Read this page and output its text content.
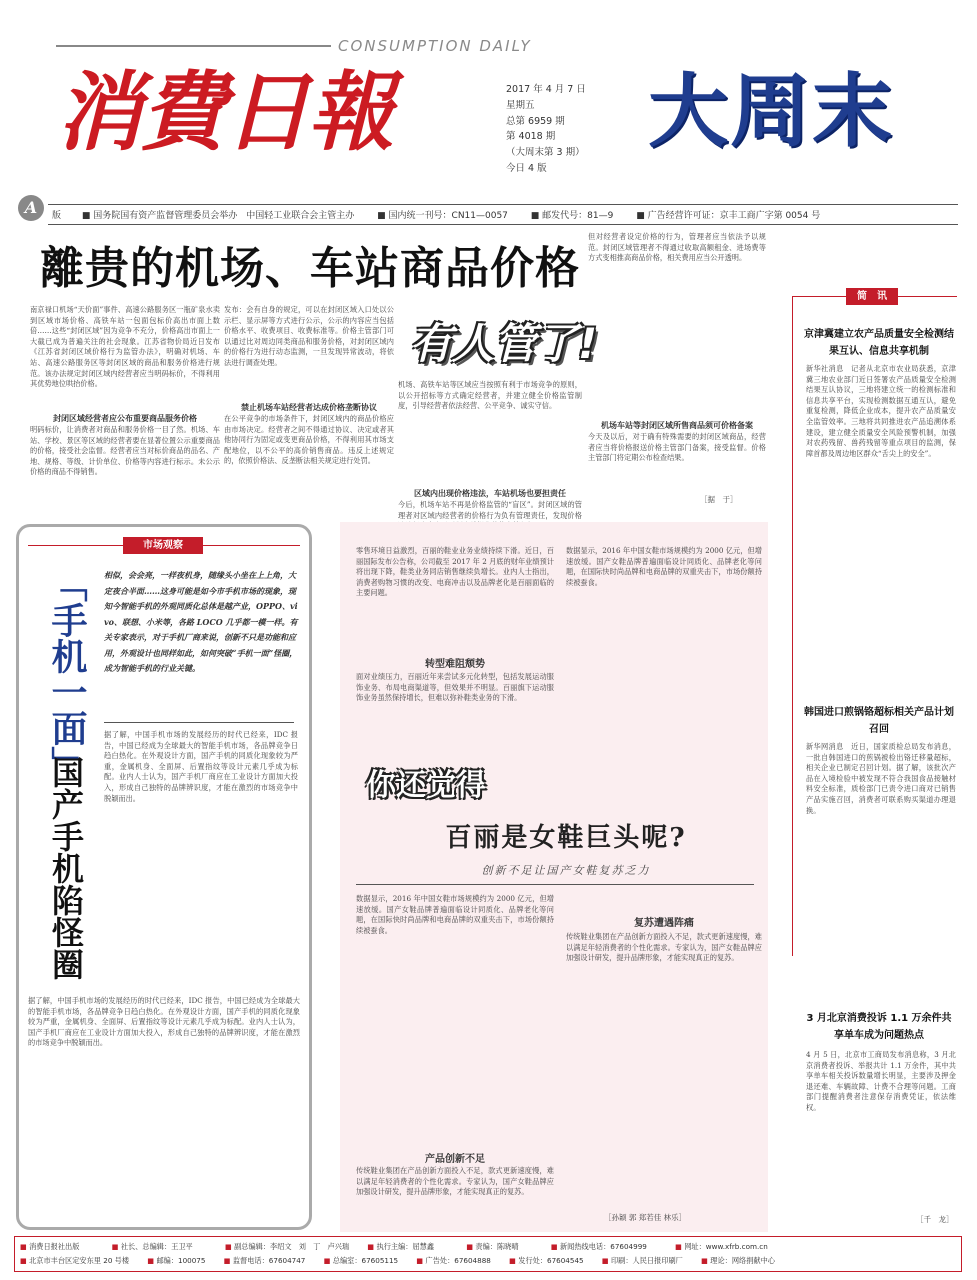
CONSUMPTION DAILY
消費日報	2017 年 4 月 7 日
星期五
总第 6959 期
第 4018 期
（大周末第 3 期）
今日 4 版
大周末
A	版 ■ 国务院国有资产监督管理委员会举办　中国轻工业联合会主管主办	■ 国内统一刊号：CN11—0057	■ 邮发代号：81—9	■ 广告经营许可证：京丰工商广字第 0054 号
離贵的机场、车站商品价格
有人管了!
南京禄口机场“天价面”事件、高速公路服务区一瓶矿泉水卖到区域市场价格、高铁车站一包面包标价高出市面上数倍……这些“封闭区域”因为竞争不充分，价格高出市面上一大截已成为普遍关注的社会现象。江苏省物价局近日发布《江苏省封闭区域价格行为监管办法》，明确对机场、车站、高速公路服务区等封闭区域的商品和服务价格进行规范。该办法规定封闭区域内经营者应当明码标价，不得利用其优势地位哄抬价格。
封闭区域经营者应公布重要商品服务价格
明码标价，让消费者对商品和服务价格一目了然。机场、车站、学校、景区等区域的经营者要在显著位置公示重要商品的价格，接受社会监督。经营者应当对标价商品的品名、产地、规格、等级、计价单位、价格等内容进行标示。未公示价格的商品不得销售。
发布：会有自身的规定，可以在封闭区域入口处以公示栏、显示屏等方式进行公示，公示的内容应当包括价格水平、收费项目、收费标准等。价格主管部门可以通过比对周边同类商品和服务价格，对封闭区域内的价格行为进行动态监测，一旦发现异常波动，将依法进行调查处理。
禁止机场车站经营者达成价格垄断协议
在公平竞争的市场条件下，封闭区域内的商品价格应由市场决定。经营者之间不得通过协议、决定或者其他协同行为固定或变更商品价格，不得利用其市场支配地位，以不公平的高价销售商品。违反上述规定的，依照价格法、反垄断法相关规定进行处罚。
机场、高铁车站等区域应当按照有利于市场竞争的原则，以公开招标等方式确定经营者，并建立健全价格监管制度，引导经营者依法经营、公平竞争、诚实守信。
区域内出现价格违法，车站机场也要担责任
今后，机场车站不再是价格监管的“盲区”。封闭区域的管理者对区域内经营者的价格行为负有管理责任，发现价格
但对经营者设定价格的行为，管理者应当依法予以规范。封闭区域管理者不得通过收取高额租金、进场费等方式变相推高商品价格，相关费用应当公开透明。
机场车站等封闭区域所售商品须可价格备案
今天及以后，对于确有特殊需要的封闭区域商品，经营者应当将价格报送价格主管部门备案，接受监督。价格主管部门将定期公布检查结果。
［据　于］
简　讯
京津冀建立农产品质量安全检测结果互认、信息共享机制
新华社消息　记者从北京市农业局获悉，京津冀三地农业部门近日签署农产品质量安全检测结果互认协议，三地将建立统一的检测标准和信息共享平台，实现检测数据互通互认，避免重复检测，降低企业成本，提升农产品质量安全监管效率。三地将共同推进农产品追溯体系建设，建立健全质量安全风险预警机制，加强对农药残留、兽药残留等重点项目的监测，保障首都及周边地区群众“舌尖上的安全”。
韩国进口煎锅铬超标相关产品计划召回
新华网消息　近日，国家质检总局发布消息，一批自韩国进口的煎锅被检出铬迁移量超标，相关企业已制定召回计划。据了解，该批次产品在入境检验中被发现不符合我国食品接触材料安全标准，质检部门已责令进口商对已销售产品实施召回，消费者可联系购买渠道办理退换。
3 月北京消费投诉 1.1 万余件共享单车成为问题热点
4 月 5 日，北京市工商局发布消息称，3 月北京消费者投诉、举报共计 1.1 万余件，其中共享单车相关投诉数量增长明显，主要涉及押金退还难、车辆故障、计费不合理等问题。工商部门提醒消费者注意保存消费凭证，依法维权。
［千　龙］
市场观察
「手机一面」
国产手机陷怪圈
相似，会会亮，一样夜机身，随缘头小坐在上上角，大定夜合半面……这身可能是如今市手机市场的现象，现知今智能手机的外观同质化总体是越产业，OPPO、vivo、联想、小米等，各路 LOCO 几乎都一模一样。有关专家表示，对于手机厂商来说，创新不只是功能和应用，外观设计也同样如此，如何突破“手机一面”怪圈，成为智能手机的行业关键。
据了解，中国手机市场的发展经历的时代已经来，IDC 报告，中国已经成为全球最大的智能手机市场，各品牌竞争日趋白热化。在外观设计方面，国产手机的同质化现象较为严重，金属机身、全面屏、后置指纹等设计元素几乎成为标配。业内人士认为，国产手机厂商应在工业设计方面加大投入，形成自己独特的品牌辨识度，才能在激烈的市场竞争中脱颖而出。
据了解，中国手机市场的发展经历的时代已经来，IDC 报告，中国已经成为全球最大的智能手机市场，各品牌竞争日趋白热化。在外观设计方面，国产手机的同质化现象较为严重，金属机身、全面屏、后置指纹等设计元素几乎成为标配。业内人士认为，国产手机厂商应在工业设计方面加大投入，形成自己独特的品牌辨识度，才能在激烈的市场竞争中脱颖而出。
零售环境日益激烈，百丽的鞋业业务业绩持续下滑。近日，百丽国际发布公告称，公司截至 2017 年 2 月底的财年业绩预计将出现下降，鞋类业务同店销售继续负增长。业内人士指出，消费者购物习惯的改变、电商冲击以及品牌老化是百丽面临的主要问题。
转型难阻颓势
面对业绩压力，百丽近年来尝试多元化转型，包括发展运动服饰业务、布局电商渠道等，但效果并不明显。百丽旗下运动服饰业务虽然保持增长，但难以弥补鞋类业务的下滑。
数据显示，2016 年中国女鞋市场规模约为 2000 亿元，但增速放缓。国产女鞋品牌普遍面临设计同质化、品牌老化等问题，在国际快时尚品牌和电商品牌的双重夹击下，市场份额持续被蚕食。
你还觉得
百丽是女鞋巨头呢?
创新不足让国产女鞋复苏乏力
数据显示，2016 年中国女鞋市场规模约为 2000 亿元，但增速放缓。国产女鞋品牌普遍面临设计同质化、品牌老化等问题，在国际快时尚品牌和电商品牌的双重夹击下，市场份额持续被蚕食。
产品创新不足
传统鞋业集团在产品创新方面投入不足，款式更新速度慢，难以满足年轻消费者的个性化需求。专家认为，国产女鞋品牌应加强设计研发，提升品牌形象，才能实现真正的复苏。
复苏遭遇阵痛
传统鞋业集团在产品创新方面投入不足，款式更新速度慢，难以满足年轻消费者的个性化需求。专家认为，国产女鞋品牌应加强设计研发，提升品牌形象，才能实现真正的复苏。
［孙颖 郭 郑若佳 林乐］
■ 消费日报社出版	■ 社长、总编辑：王卫平	■ 副总编辑：李绍文　刘　丁　卢兴瑞	■ 执行主编：屈慧鑫	■ 责编：陈晓晴	■ 新闻热线电话：67604999	■ 网址：www.xfrb.com.cn
■ 北京市丰台区定安东里 20 号楼	■ 邮编：100075	■ 监督电话：67604747	■ 总编室：67605115	■ 广告处：67604888	■ 发行处：67604545	■ 印刷：人民日报印刷厂	■ 理论：网络捐献中心
